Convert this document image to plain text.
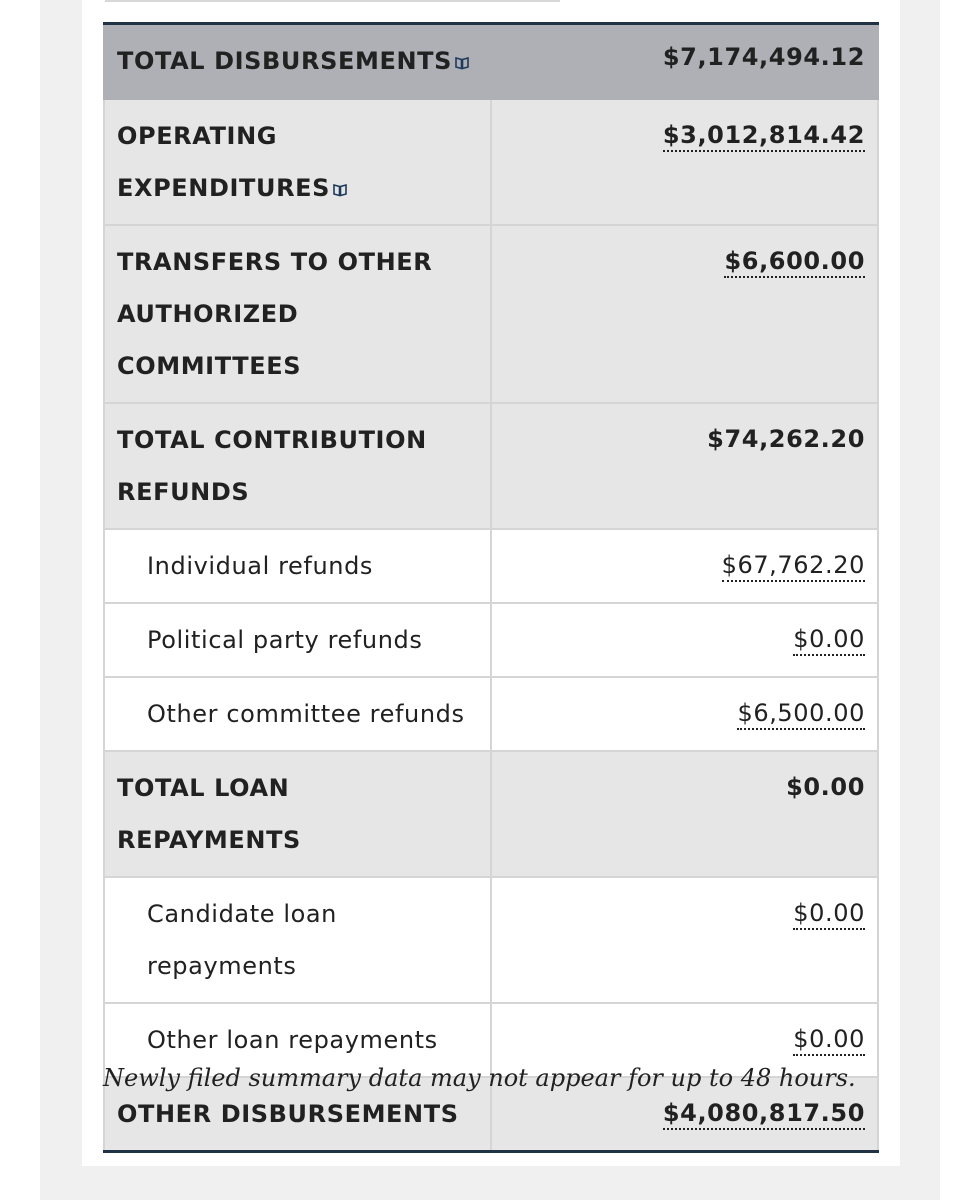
TOTAL DISBURSEMENTS	$7,174,494.12

OPERATING EXPENDITURES	$3,012,814.42

TRANSFERS TO OTHER AUTHORIZED COMMITTEES	$6,600.00

TOTAL CONTRIBUTION REFUNDS	$74,262.20

Individual refunds	$67,762.20

Political party refunds	$0.00

Other committee refunds	$6,500.00

TOTAL LOAN REPAYMENTS	$0.00

Candidate loan repayments	$0.00

Other loan repayments	$0.00

OTHER DISBURSEMENTS	$4,080,817.50

Newly filed summary data may not appear for up to 48 hours.
